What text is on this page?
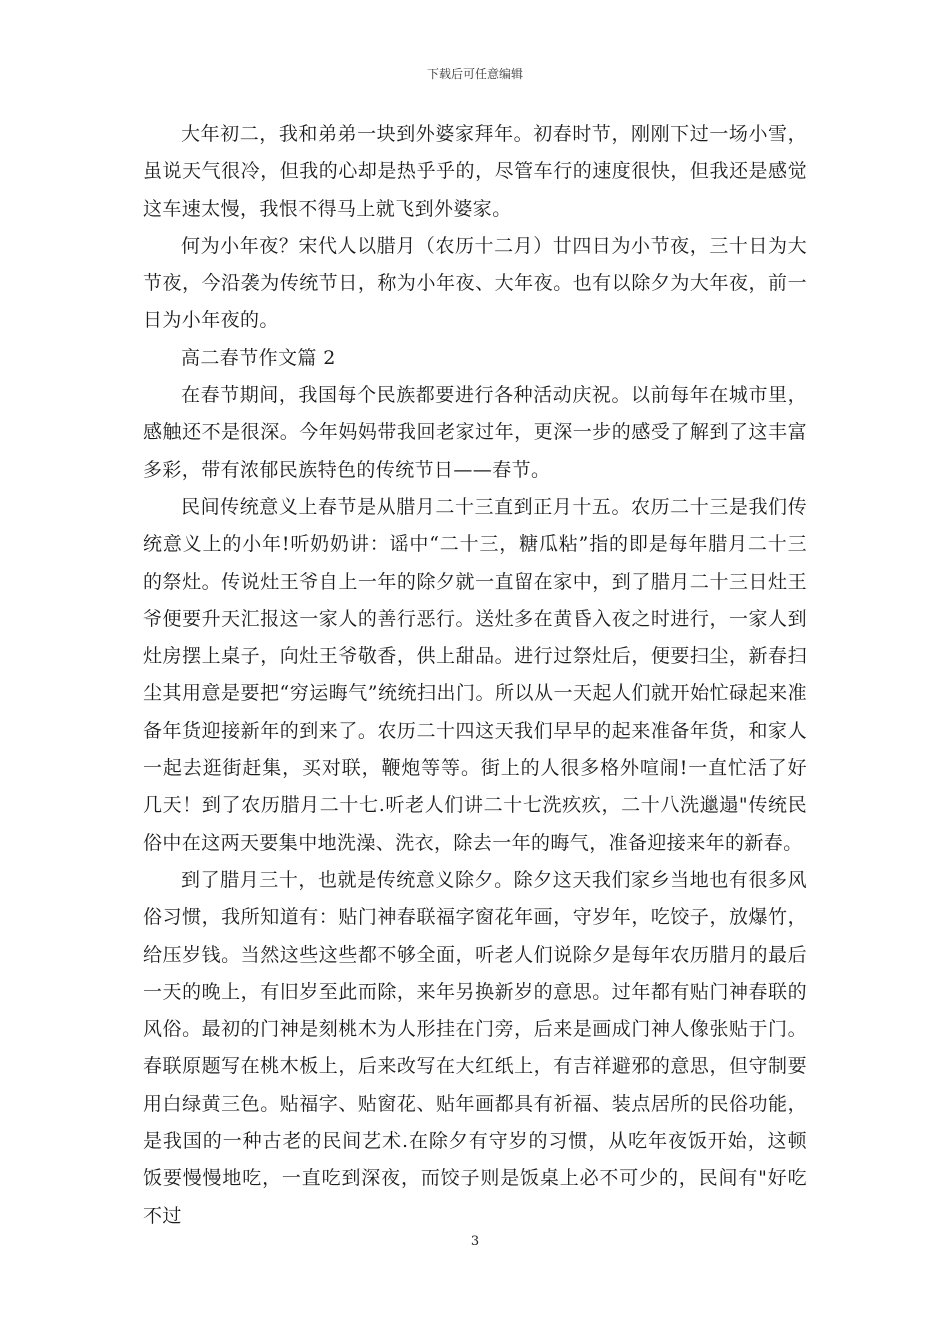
下载后可任意编辑

大年初二，我和弟弟一块到外婆家拜年。初春时节，刚刚下过一场小雪，虽说天气很冷，但我的心却是热乎乎的，尽管车行的速度很快，但我还是感觉这车速太慢，我恨不得马上就飞到外婆家。

何为小年夜？宋代人以腊月（农历十二月）廿四日为小节夜，三十日为大节夜，今沿袭为传统节日，称为小年夜、大年夜。也有以除夕为大年夜，前一日为小年夜的。

高二春节作文篇 2

在春节期间，我国每个民族都要进行各种活动庆祝。以前每年在城市里，感触还不是很深。今年妈妈带我回老家过年，更深一步的感受了解到了这丰富多彩，带有浓郁民族特色的传统节日——春节。

民间传统意义上春节是从腊月二十三直到正月十五。农历二十三是我们传统意义上的小年!听奶奶讲：谣中“二十三，糖瓜粘”指的即是每年腊月二十三的祭灶。传说灶王爷自上一年的除夕就一直留在家中，到了腊月二十三日灶王爷便要升天汇报这一家人的善行恶行。送灶多在黄昏入夜之时进行，一家人到灶房摆上桌子，向灶王爷敬香，供上甜品。进行过祭灶后，便要扫尘，新春扫尘其用意是要把“穷运晦气”统统扫出门。所以从一天起人们就开始忙碌起来准备年货迎接新年的到来了。农历二十四这天我们早早的起来准备年货，和家人一起去逛街赶集，买对联，鞭炮等等。街上的人很多格外喧闹!一直忙活了好几天！到了农历腊月二十七.听老人们讲二十七洗疚疚，二十八洗邋遢"传统民俗中在这两天要集中地洗澡、洗衣，除去一年的晦气，准备迎接来年的新春。

到了腊月三十，也就是传统意义除夕。除夕这天我们家乡当地也有很多风俗习惯，我所知道有：贴门神春联福字窗花年画，守岁年，吃饺子，放爆竹，给压岁钱。当然这些这些都不够全面，听老人们说除夕是每年农历腊月的最后一天的晚上，有旧岁至此而除，来年另换新岁的意思。过年都有贴门神春联的风俗。最初的门神是刻桃木为人形挂在门旁，后来是画成门神人像张贴于门。春联原题写在桃木板上，后来改写在大红纸上，有吉祥避邪的意思，但守制要用白绿黄三色。贴福字、贴窗花、贴年画都具有祈福、装点居所的民俗功能，是我国的一种古老的民间艺术.在除夕有守岁的习惯，从吃年夜饭开始，这顿饭要慢慢地吃，一直吃到深夜，而饺子则是饭桌上必不可少的，民间有"好吃不过

3
